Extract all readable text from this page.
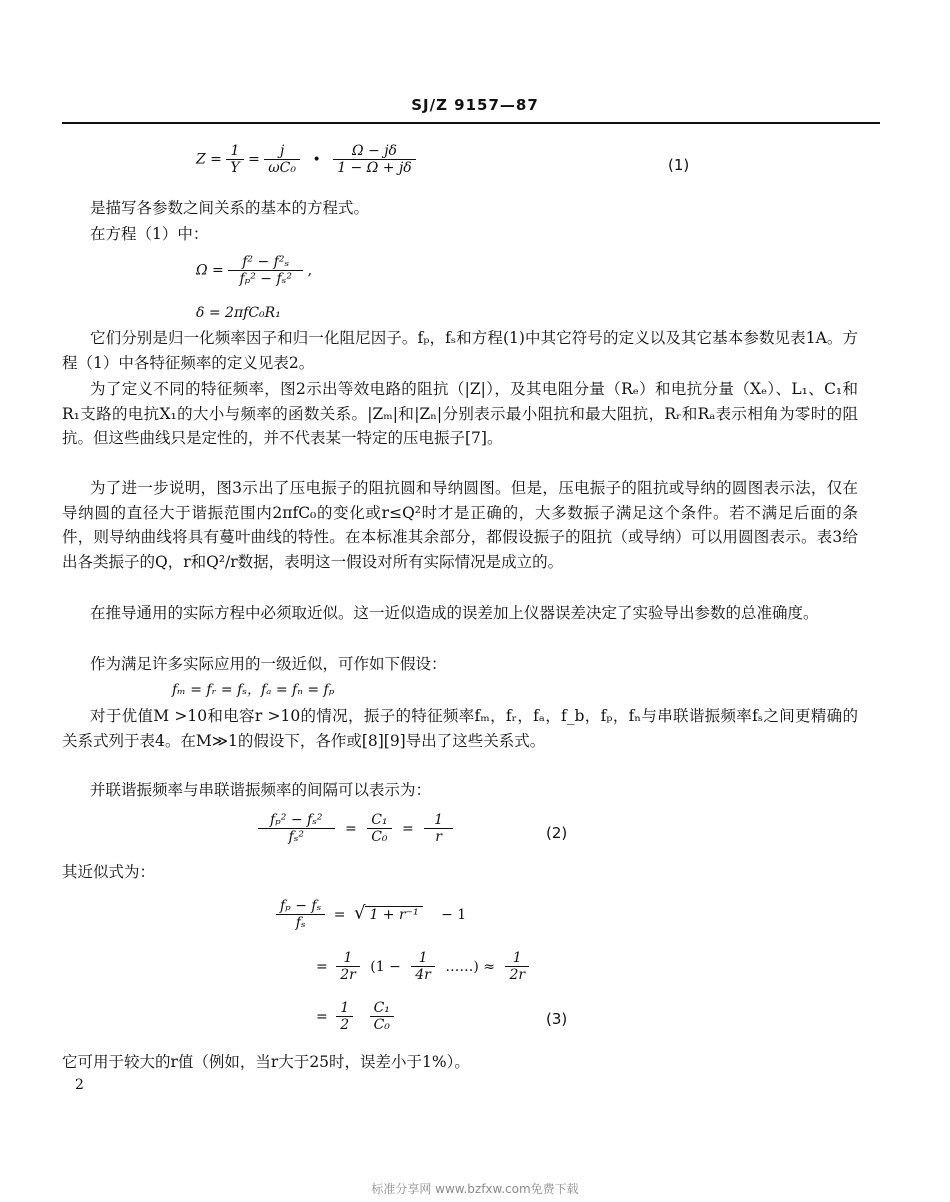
SJ/Z 9157—87
$Z = \frac{1}{Y} = \frac{j}{\text{ωC₀}}$ • $\frac{\Omega - j\delta}{1 - \Omega + j\delta}$	(1)
是描写各参数之间关系的基本的方程式。
在方程（1）中：
$\Omega = \frac{\text{f² − f²ₛ}}{\text{fₚ² − fₛ²}}$ ,
δ = 2πfC₀R₁
它们分别是归一化频率因子和归一化阻尼因子。fₚ，fₛ和方程(1)中其它符号的定义以及其它基本参数见表1A。方程（1）中各特征频率的定义见表2。
为了定义不同的特征频率，图2示出等效电路的阻抗（|Z|），及其电阻分量（Rₑ）和电抗分量（Xₑ）、L₁、C₁和R₁支路的电抗X₁的大小与频率的函数关系。|Zₘ|和|Zₙ|分别表示最小阻抗和最大阻抗，Rᵣ和Rₐ表示相角为零时的阻抗。但这些曲线只是定性的，并不代表某一特定的压电振子[7]。
为了进一步说明，图3示出了压电振子的阻抗圆和导纳圆图。但是，压电振子的阻抗或导纳的圆图表示法，仅在导纳圆的直径大于谐振范围内2πfC₀的变化或r≤Q²时才是正确的，大多数振子满足这个条件。若不满足后面的条件，则导纳曲线将具有蔓叶曲线的特性。在本标准其余部分，都假设振子的阻抗（或导纳）可以用圆图表示。表3给出各类振子的Q，r和Q²/r数据，表明这一假设对所有实际情况是成立的。
在推导通用的实际方程中必须取近似。这一近似造成的误差加上仪器误差决定了实验导出参数的总准确度。
作为满足许多实际应用的一级近似，可作如下假设：
fₘ = fᵣ = fₛ，fₐ = fₙ = fₚ
对于优值M >10和电容r >10的情况，振子的特征频率fₘ，fᵣ，fₐ，f_b，fₚ，fₙ与串联谐振频率fₛ之间更精确的关系式列于表4。在M≫1的假设下，各作或[8][9]导出了这些关系式。
并联谐振频率与串联谐振频率的间隔可以表示为：
$\frac{\text{fₚ² − fₛ²}}{\text{fₛ²}} = \frac{\text{C₁}}{\text{C₀}} = \frac{1}{r}$	(2)
其近似式为：
$\frac{\text{fₚ − fₛ}}{\text{fₛ}}$ = √ 1 + r⁻¹ − 1
= $\frac{1}{2r} (1 - \frac{1}{4r}$ ……) ≈ $\frac{1}{2r}$
= $\frac{1}{2}$
$\frac{\text{C₁}}{\text{C₀}}$	(3)
它可用于较大的r值（例如，当r大于25时，误差小于1%）。
2
标准分享网 www.bzfxw.com免费下载
